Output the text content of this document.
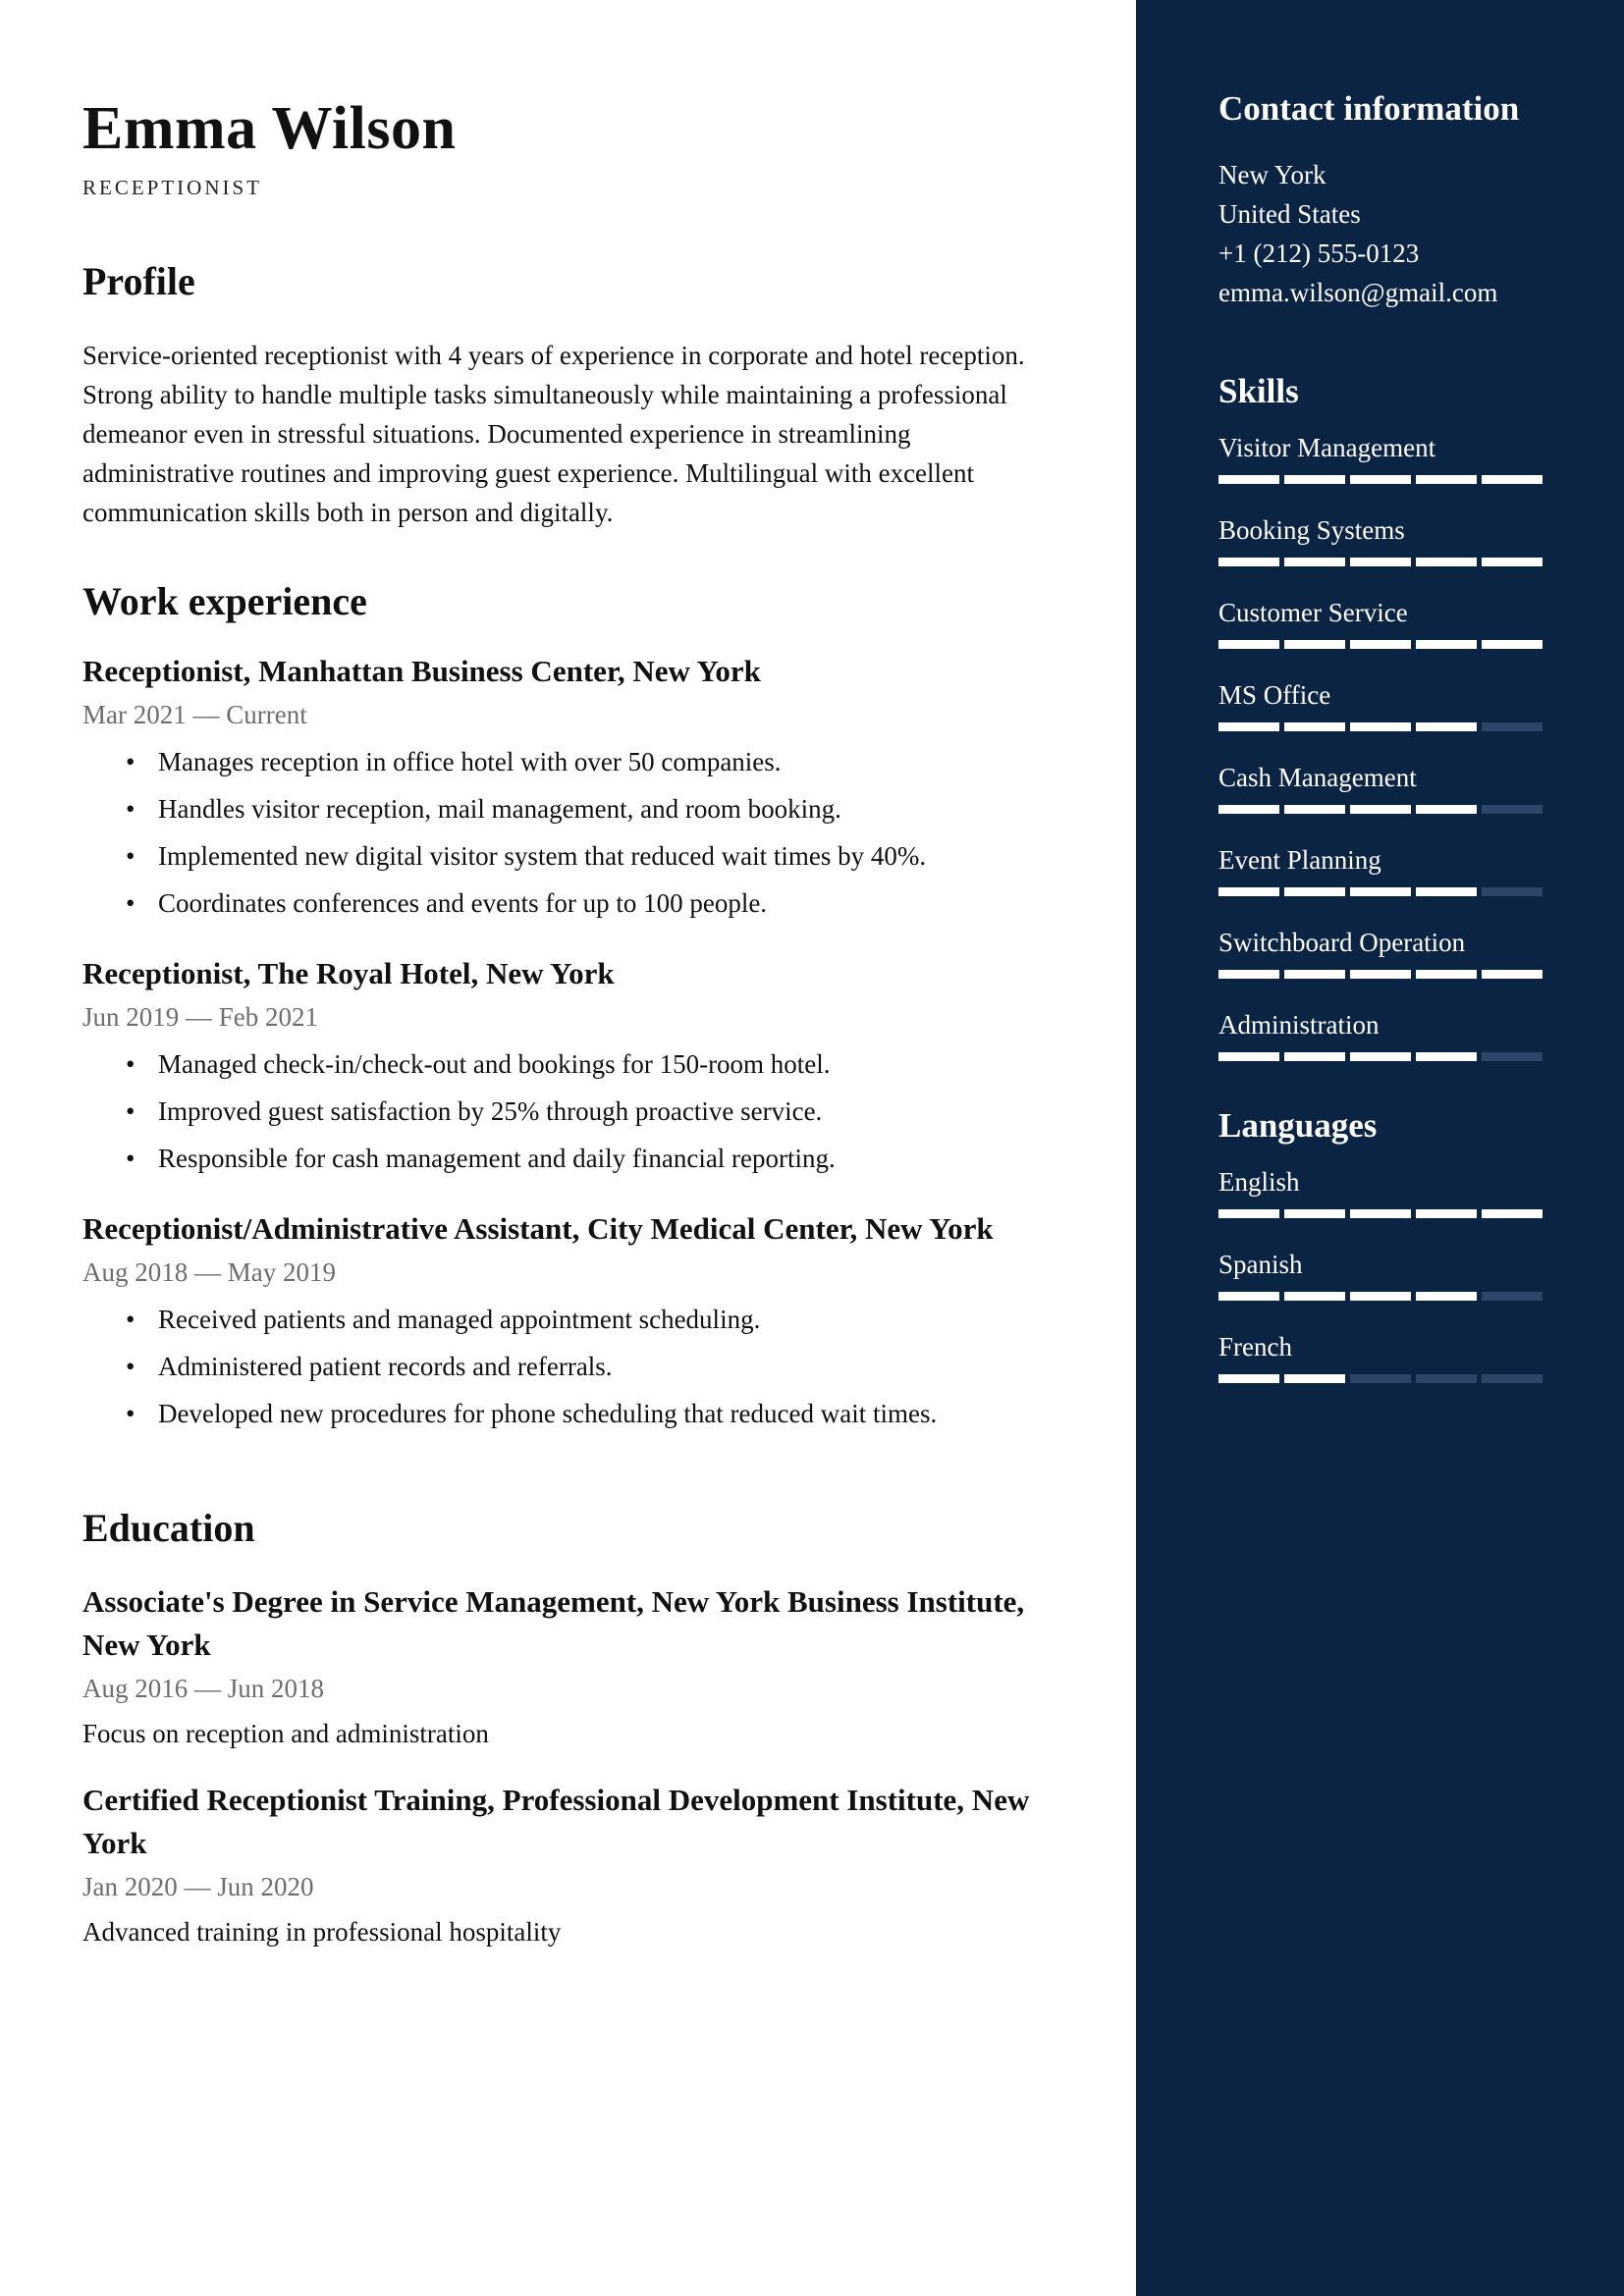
Emma Wilson
RECEPTIONIST
Profile
Service-oriented receptionist with 4 years of experience in corporate and hotel reception. Strong ability to handle multiple tasks simultaneously while maintaining a professional demeanor even in stressful situations. Documented experience in streamlining administrative routines and improving guest experience. Multilingual with excellent communication skills both in person and digitally.
Work experience
Receptionist, Manhattan Business Center, New York
Mar 2021 — Current
• Manages reception in office hotel with over 50 companies.
• Handles visitor reception, mail management, and room booking.
• Implemented new digital visitor system that reduced wait times by 40%.
• Coordinates conferences and events for up to 100 people.
Receptionist, The Royal Hotel, New York
Jun 2019 — Feb 2021
• Managed check-in/check-out and bookings for 150-room hotel.
• Improved guest satisfaction by 25% through proactive service.
• Responsible for cash management and daily financial reporting.
Receptionist/Administrative Assistant, City Medical Center, New York
Aug 2018 — May 2019
• Received patients and managed appointment scheduling.
• Administered patient records and referrals.
• Developed new procedures for phone scheduling that reduced wait times.
Education
Associate's Degree in Service Management, New York Business Institute, New York
Aug 2016 — Jun 2018
Focus on reception and administration
Certified Receptionist Training, Professional Development Institute, New York
Jan 2020 — Jun 2020
Advanced training in professional hospitality
Contact information
New York
United States
+1 (212) 555-0123
emma.wilson@gmail.com
Skills
Visitor Management
Booking Systems
Customer Service
MS Office
Cash Management
Event Planning
Switchboard Operation
Administration
Languages
English
Spanish
French
